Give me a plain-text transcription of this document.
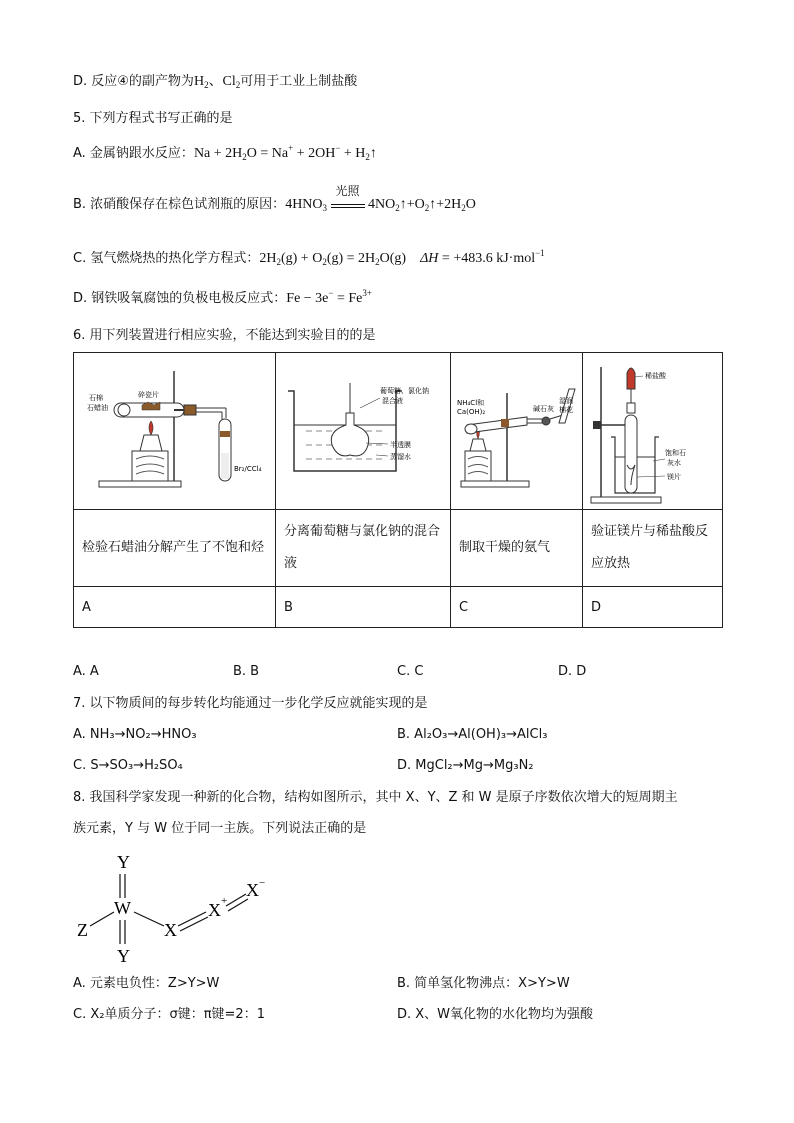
D. 反应④的副产物为$H_2$、$Cl_2$可用于工业上制盐酸
5. 下列方程式书写正确的是
A. 金属钠跟水反应：$Na + 2H_2O = Na^+ + 2OH^-$ + $H_2↑$
B. 浓硝酸保存在棕色试剂瓶的原因：$4HNO_3$
光照
$4NO_2↑+O_2↑+2H_2O$
C. 氢气燃烧热的热化学方程式：$2H_2(g) + O_2(g) = 2H_2O(g)$    ΔH = +483.6 kJ·mol$^{-1}$
D. 钢铁吸氧腐蚀的负极电极反应式：$Fe - 3e^- = Fe^{3+}$
6. 用下列装置进行相应实验，不能达到实验目的的是
石棉
石蜡油
碎瓷片
Br₂/CCl₄	葡萄糖、氯化钠
混合液
半透膜
蒸馏水	NH₄Cl和
Ca(OH)₂ 碱石灰
湿润
棉花	稀盐酸
饱和石
灰水
镁片

检验石蜡油分解产生了不饱和烃	分离葡萄糖与氯化钠的混合液	制取干燥的氨气	验证镁片与稀盐酸反应放热
A	B	C	D
A. A	B. B	C. C	D. D
7. 以下物质间的每步转化均能通过一步化学反应就能实现的是
A. NH₃→NO₂→HNO₃	B. Al₂O₃→Al(OH)₃→AlCl₃
C. S→SO₃→H₂SO₄	D. MgCl₂→Mg→Mg₃N₂
8. 我国科学家发现一种新的化合物，结构如图所示，其中 X、Y、Z 和 W 是原子序数依次增大的短周期主
族元素，Y 与 W 位于同一主族。下列说法正确的是
Y
W
Z
Y
X
X +
X −
A. 元素电负性：Z>Y>W	B. 简单氢化物沸点：X>Y>W
C. X₂单质分子：σ键：π键=2：1	D. X、W氧化物的水化物均为强酸
